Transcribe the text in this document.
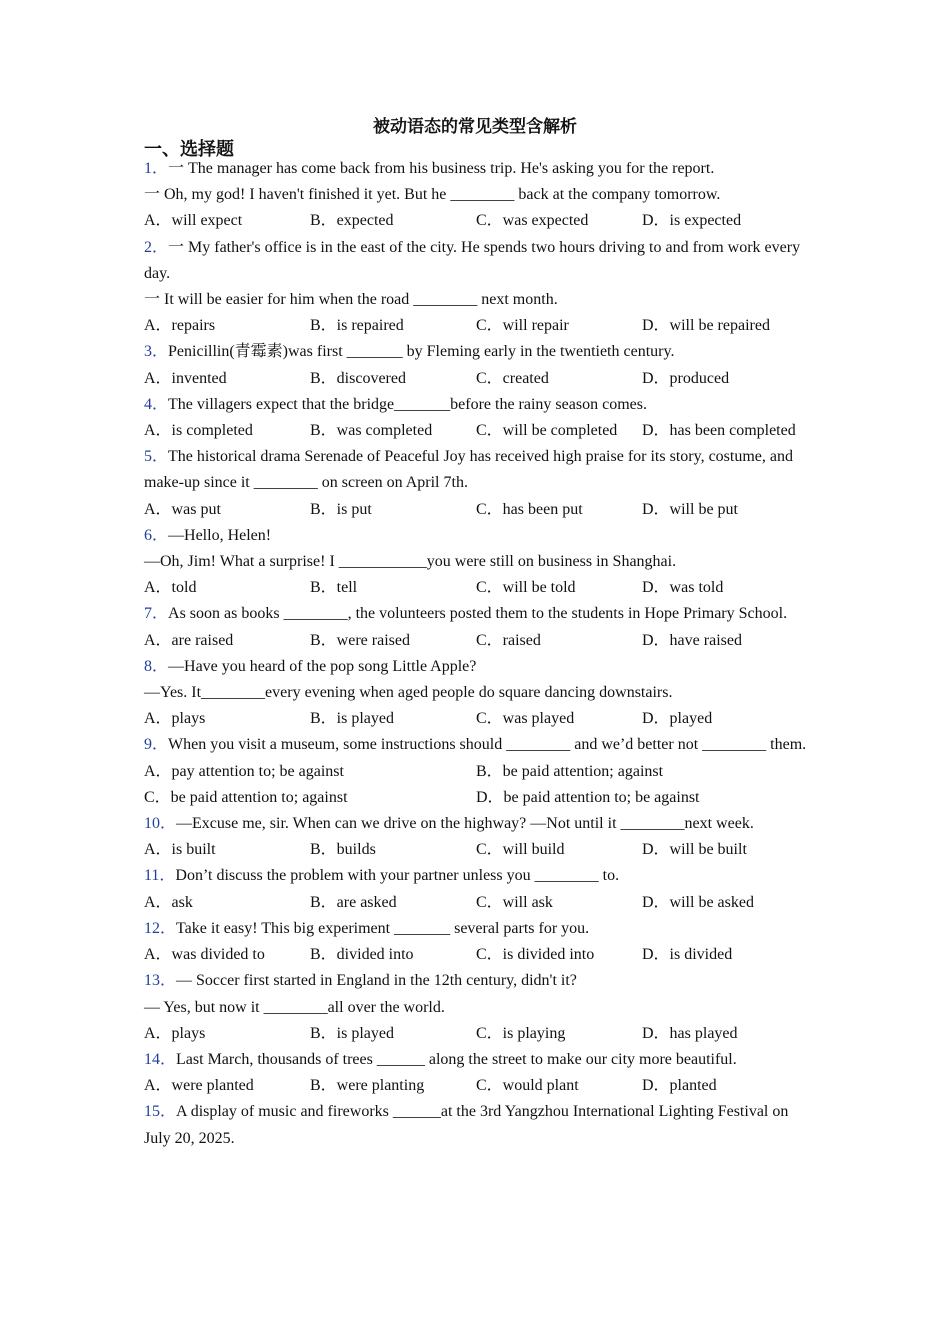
被动语态的常见类型含解析
一、选择题

1．一 The manager has come back from his business trip. He's asking you for the report.

一 Oh, my god! I haven't finished it yet. But he ________ back at the company tomorrow.

A．will expect	B．expected	C．was expected	D．is expected

2．一 My father's office is in the east of the city. He spends two hours driving to and from work every day.

一 It will be easier for him when the road ________ next month.

A．repairs	B．is repaired	C．will repair	D．will be repaired

3．Penicillin(青霉素)was first _______ by Fleming early in the twentieth century.

A．invented	B．discovered	C．created	D．produced

4．The villagers expect that the bridge_______before the rainy season comes.

A．is completed	B．was completed	C．will be completed	D．has been completed

5．The historical drama Serenade of Peaceful Joy has received high praise for its story, costume, and make-up since it ________ on screen on April 7th.

A．was put	B．is put	C．has been put	D．will be put

6．—Hello, Helen!

—Oh, Jim! What a surprise! I ___________you were still on business in Shanghai.

A．told	B．tell	C．will be told	D．was told

7．As soon as books ________, the volunteers posted them to the students in Hope Primary School.

A．are raised	B．were raised	C．raised	D．have raised

8．—Have you heard of the pop song Little Apple?

—Yes. It________every evening when aged people do square dancing downstairs.

A．plays	B．is played	C．was played	D．played

9．When you visit a museum, some instructions should ________ and we’d better not ________ them.

A．pay attention to; be against	B．be paid attention; against
C．be paid attention to; against	D．be paid attention to; be against

10．—Excuse me, sir. When can we drive on the highway? —Not until it ________next week.

A．is built	B．builds	C．will build	D．will be built

11．Don’t discuss the problem with your partner unless you ________ to.

A．ask	B．are asked	C．will ask	D．will be asked

12．Take it easy! This big experiment _______ several parts for you.

A．was divided to	B．divided into	C．is divided into	D．is divided

13．— Soccer first started in England in the 12th century, didn't it?

— Yes, but now it ________all over the world.

A．plays	B．is played	C．is playing	D．has played

14．Last March, thousands of trees ______ along the street to make our city more beautiful.

A．were planted	B．were planting	C．would plant	D．planted

15．A display of music and fireworks ______at the 3rd Yangzhou International Lighting Festival on July 20, 2025.
